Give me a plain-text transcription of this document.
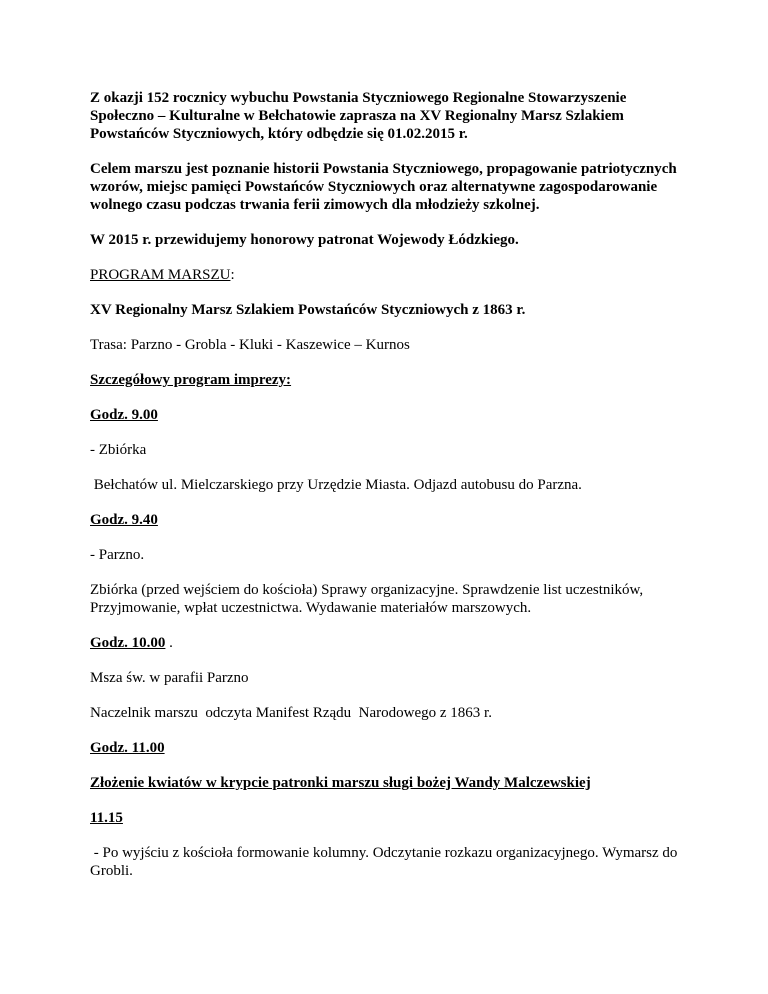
Z okazji 152 rocznicy wybuchu Powstania Styczniowego Regionalne Stowarzyszenie Społeczno – Kulturalne w Bełchatowie zaprasza na XV Regionalny Marsz Szlakiem Powstańców Styczniowych, który odbędzie się 01.02.2015 r.

Celem marszu jest poznanie historii Powstania Styczniowego, propagowanie patriotycznych wzorów, miejsc pamięci Powstańców Styczniowych oraz alternatywne zagospodarowanie wolnego czasu podczas trwania ferii zimowych dla młodzieży szkolnej.

W 2015 r. przewidujemy honorowy patronat Wojewody Łódzkiego.

PROGRAM MARSZU:

XV Regionalny Marsz Szlakiem Powstańców Styczniowych z 1863 r.

Trasa: Parzno - Grobla - Kluki - Kaszewice – Kurnos

Szczegółowy program imprezy:

Godz. 9.00

- Zbiórka

Bełchatów ul. Mielczarskiego przy Urzędzie Miasta. Odjazd autobusu do Parzna.

Godz. 9.40

- Parzno.

Zbiórka (przed wejściem do kościoła) Sprawy organizacyjne. Sprawdzenie list uczestników, Przyjmowanie, wpłat uczestnictwa. Wydawanie materiałów marszowych.

Godz. 10.00 .

Msza św. w parafii Parzno

Naczelnik marszu  odczyta Manifest Rządu  Narodowego z 1863 r.

Godz. 11.00

Złożenie kwiatów w krypcie patronki marszu sługi bożej Wandy Malczewskiej

11.15

- Po wyjściu z kościoła formowanie kolumny. Odczytanie rozkazu organizacyjnego. Wymarsz do Grobli.
